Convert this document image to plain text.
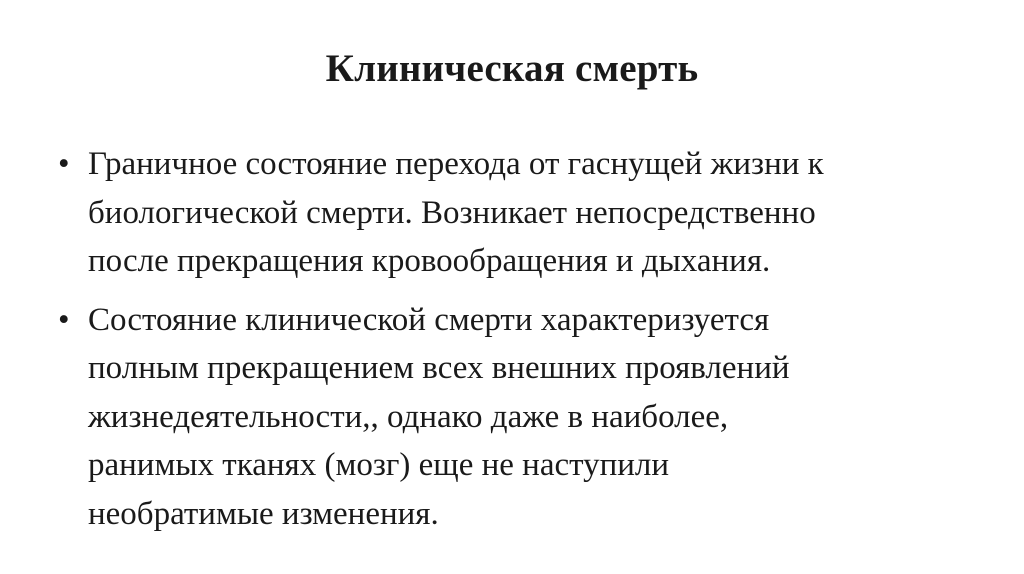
Клиническая смерть
• Граничное состояние перехода от гаснущей жизни к
биологической смерти. Возникает непосредственно
после прекращения кровообращения и дыхания.
• Состояние клинической смерти характеризуется
полным прекращением всех внешних проявлений
жизнедеятельности,, однако даже в наиболее,
ранимых тканях (мозг) еще не наступили
необратимые изменения.
